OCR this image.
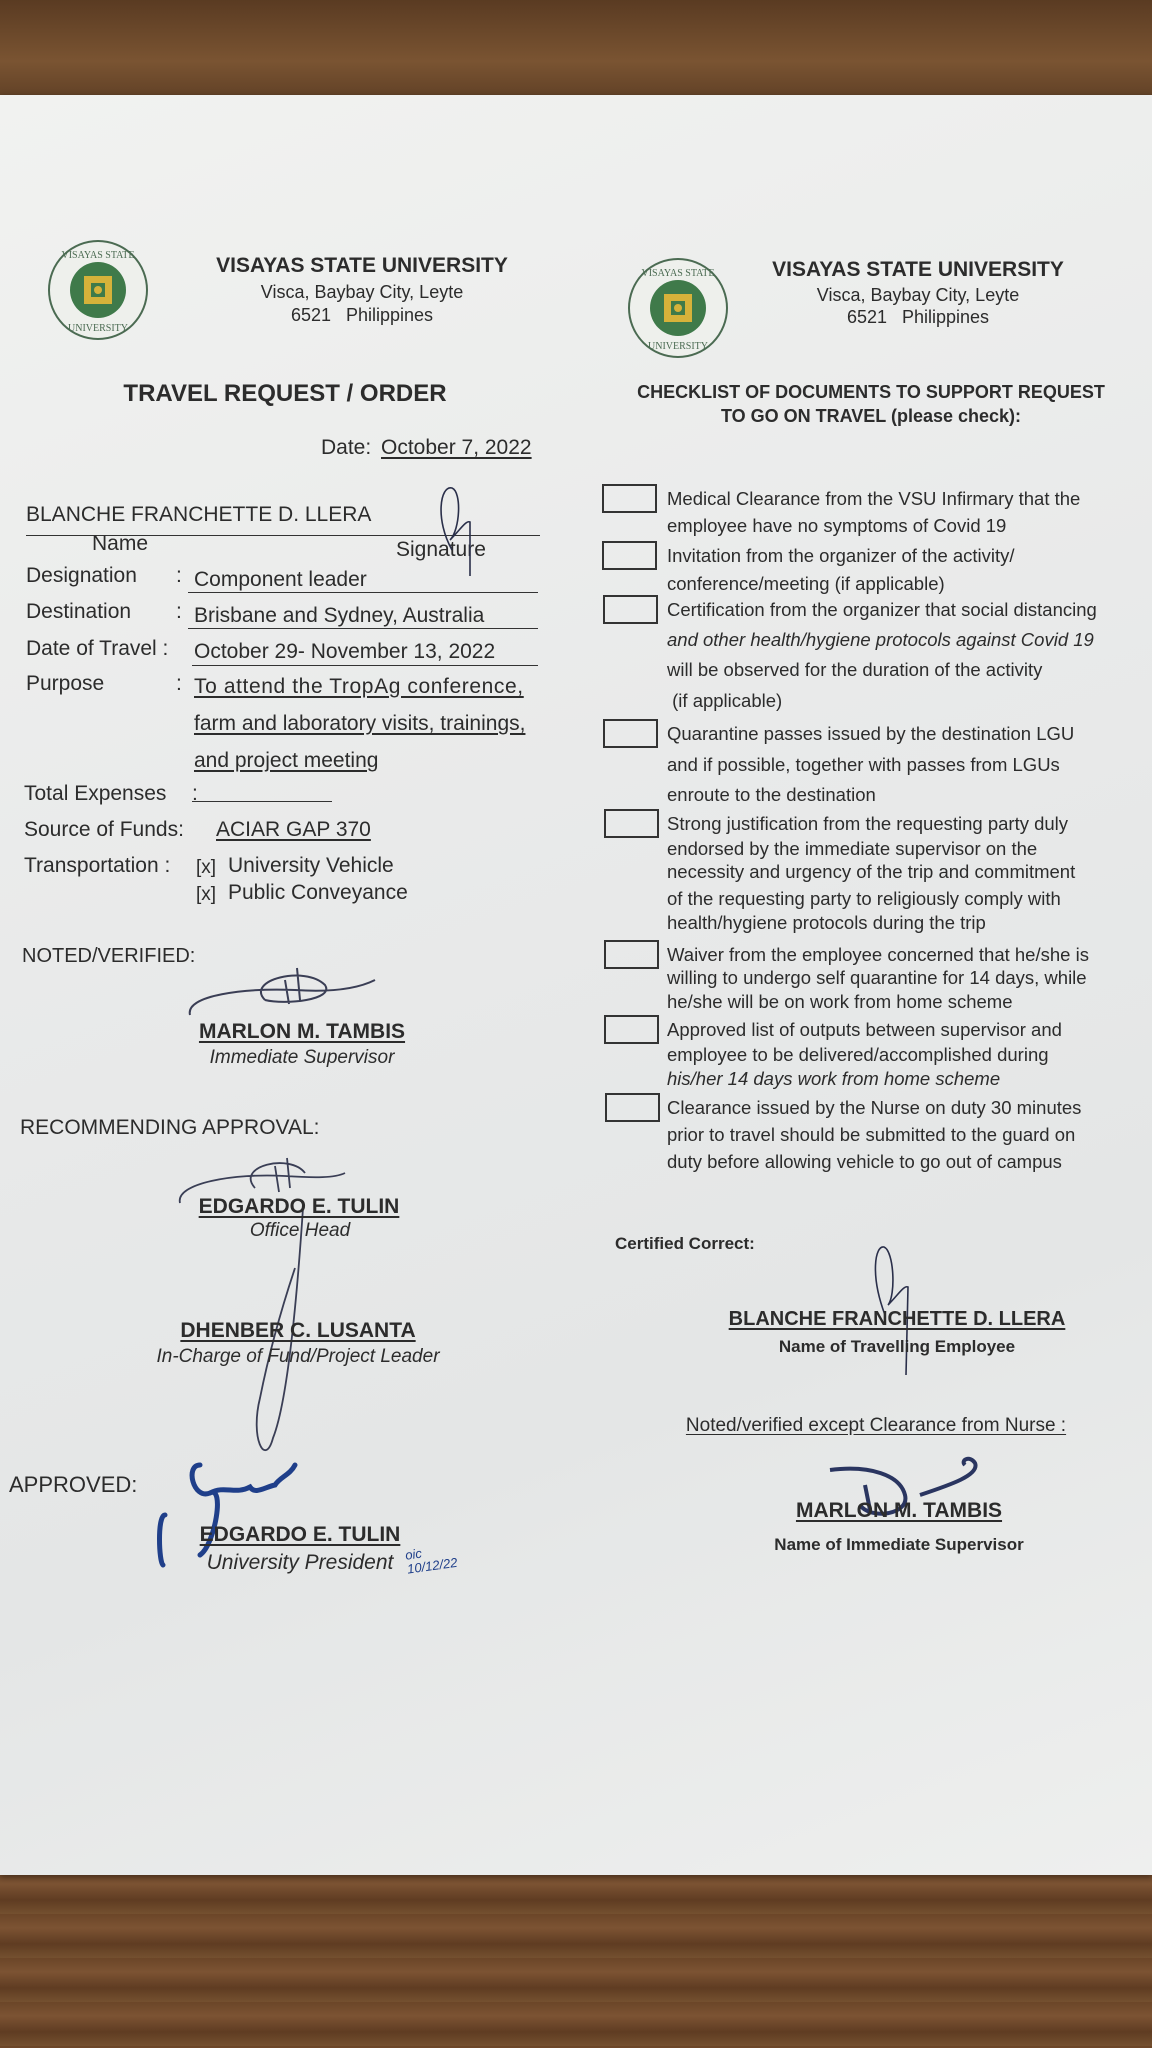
VISAYAS STATE
UNIVERSITY
VISAYAS STATE
UNIVERSITY
VISAYAS STATE UNIVERSITY
Visca, Baybay City, Leyte
6521   Philippines
VISAYAS STATE UNIVERSITY
Visca, Baybay City, Leyte
6521   Philippines
TRAVEL REQUEST / ORDER	CHECKLIST OF DOCUMENTS TO SUPPORT REQUEST
TO GO ON TRAVEL (please check):
Date: October 7, 2022
BLANCHE FRANCHETTE D. LLERA
Name	Signature
Designation : Component leader
Destination : Brisbane and Sydney, Australia
Date of Travel : October 29- November 13, 2022
Purpose	: To attend the TropAg conference,
farm and laboratory visits, trainings,
and project meeting
Total Expenses :
Source of Funds: ACIAR GAP 370
Transportation : [x] University Vehicle
[x] Public Conveyance
NOTED/VERIFIED:
MARLON M. TAMBIS
Immediate Supervisor
RECOMMENDING APPROVAL:
EDGARDO E. TULIN
Office Head
DHENBER C. LUSANTA
In-Charge of Fund/Project Leader
APPROVED:
EDGARDO E. TULIN
University President oic 10/12/22
Medical Clearance from the VSU Infirmary that the
employee have no symptoms of Covid 19
Invitation from the organizer of the activity/
conference/meeting (if applicable)
Certification from the organizer that social distancing
and other health/hygiene protocols against Covid 19
will be observed for the duration of the activity
(if applicable)
Quarantine passes issued by the destination LGU
and if possible, together with passes from LGUs
enroute to the destination
Strong justification from the requesting party duly
endorsed by the immediate supervisor on the
necessity and urgency of the trip and commitment
of the requesting party to religiously comply with
health/hygiene protocols during the trip
Waiver from the employee concerned that he/she is
willing to undergo self quarantine for 14 days, while
he/she will be on work from home scheme
Approved list of outputs between supervisor and
employee to be delivered/accomplished during
his/her 14 days work from home scheme
Clearance issued by the Nurse on duty 30 minutes
prior to travel should be submitted to the guard on
duty before allowing vehicle to go out of campus
Certified Correct:
BLANCHE FRANCHETTE D. LLERA
Name of Travelling Employee
Noted/verified except Clearance from Nurse :
MARLON M. TAMBIS
Name of Immediate Supervisor
